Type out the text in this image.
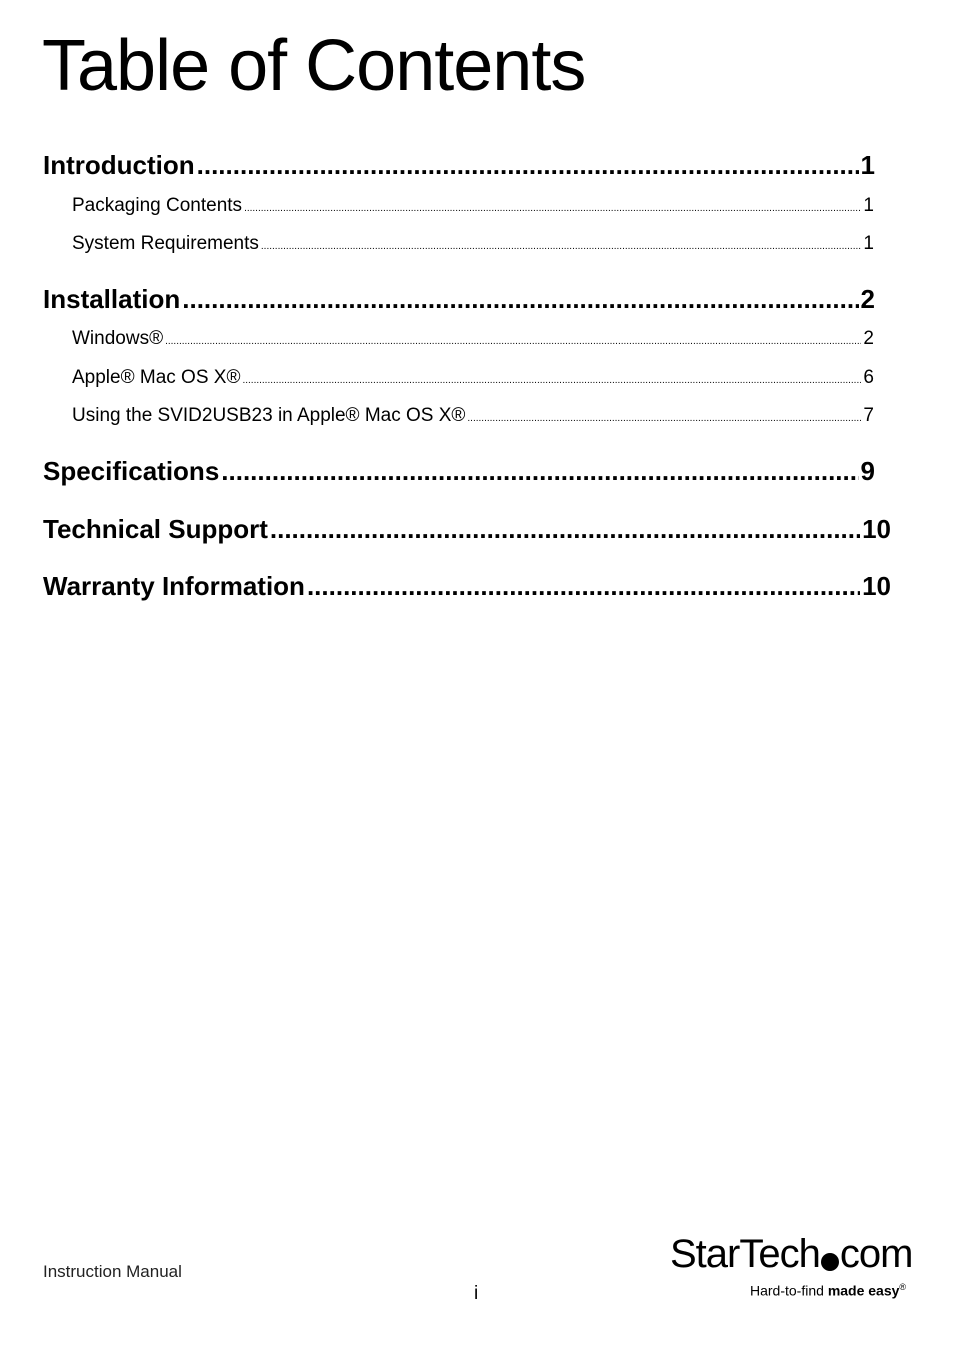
Table of Contents
Introduction .....	1
Packaging Contents .....	1
System Requirements .....	1
Installation .....	2
Windows® .....	2
Apple® Mac OS X® .....	6
Using the SVID2USB23 in Apple® Mac OS X® .....	7
Specifications .....	9
Technical Support .....	10
Warranty Information .....	10
Instruction Manual
i
StarTech com
Hard-to-find made easy®
